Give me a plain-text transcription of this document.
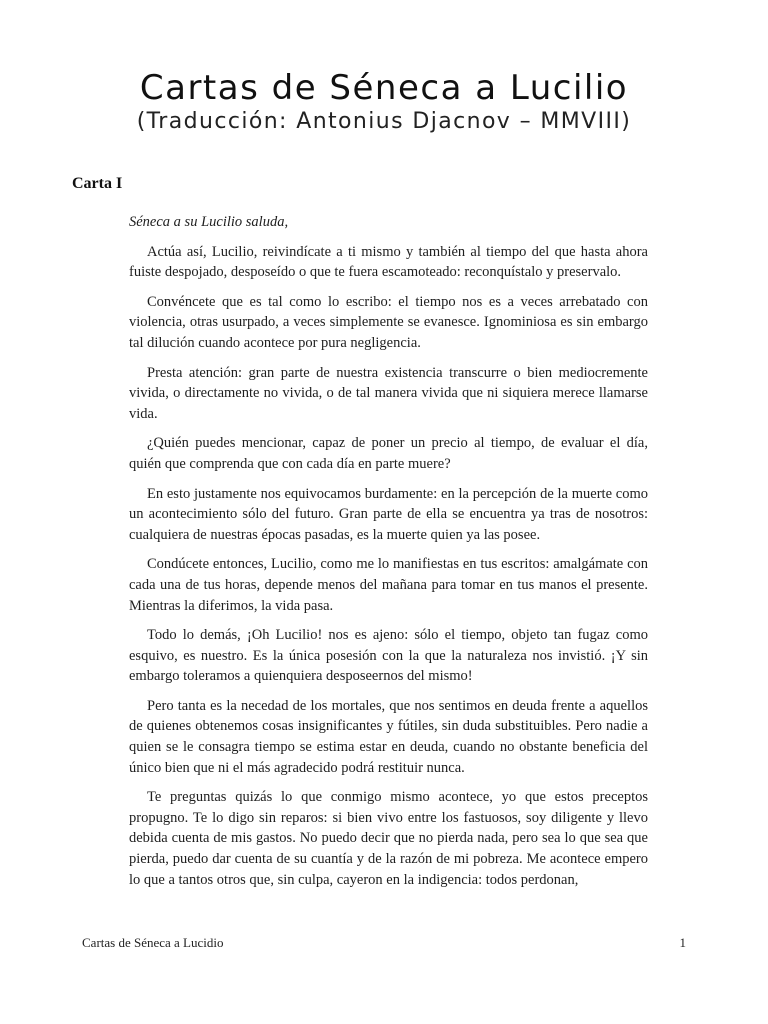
Cartas de Séneca a Lucilio
(Traducción: Antonius Djacnov – MMVIII)
Carta I

Séneca a su Lucilio saluda,

Actúa así, Lucilio, reivindícate a ti mismo y también al tiempo del que hasta ahora fuiste despojado, desposeído o que te fuera escamoteado: reconquístalo y preservalo.

Convéncete que es tal como lo escribo: el tiempo nos es a veces arrebatado con violencia, otras usurpado, a veces simplemente se evanesce. Ignominiosa es sin embargo tal dilución cuando acontece por pura negligencia.

Presta atención: gran parte de nuestra existencia transcurre o bien mediocremente vivida, o directamente no vivida, o de tal manera vivida que ni siquiera merece llamarse vida.

¿Quién puedes mencionar, capaz de poner un precio al tiempo, de evaluar el día, quién que comprenda que con cada día en parte muere?

En esto justamente nos equivocamos burdamente: en la percepción de la muerte como un acontecimiento sólo del futuro. Gran parte de ella se encuentra ya tras de nosotros: cualquiera de nuestras épocas pasadas, es la muerte quien ya las posee.

Condúcete entonces, Lucilio, como me lo manifiestas en tus escritos: amalgámate con cada una de tus horas, depende menos del mañana para tomar en tus manos el presente. Mientras la diferimos, la vida pasa.

Todo lo demás, ¡Oh Lucilio! nos es ajeno: sólo el tiempo, objeto tan fugaz como esquivo, es nuestro. Es la única posesión con la que la naturaleza nos invistió. ¡Y sin embargo toleramos a quienquiera desposeernos del mismo!

Pero tanta es la necedad de los mortales, que nos sentimos en deuda frente a aquellos de quienes obtenemos cosas insignificantes y fútiles, sin duda substituibles. Pero nadie a quien se le consagra tiempo se estima estar en deuda, cuando no obstante beneficia del único bien que ni el más agradecido podrá restituir nunca.

Te preguntas quizás lo que conmigo mismo acontece, yo que estos preceptos propugno. Te lo digo sin reparos: si bien vivo entre los fastuosos, soy diligente y llevo debida cuenta de mis gastos. No puedo decir que no pierda nada, pero sea lo que sea que pierda, puedo dar cuenta de su cuantía y de la razón de mi pobreza. Me acontece empero lo que a tantos otros que, sin culpa, cayeron en la indigencia: todos perdonan,

Cartas de Séneca a Lucidio	1
